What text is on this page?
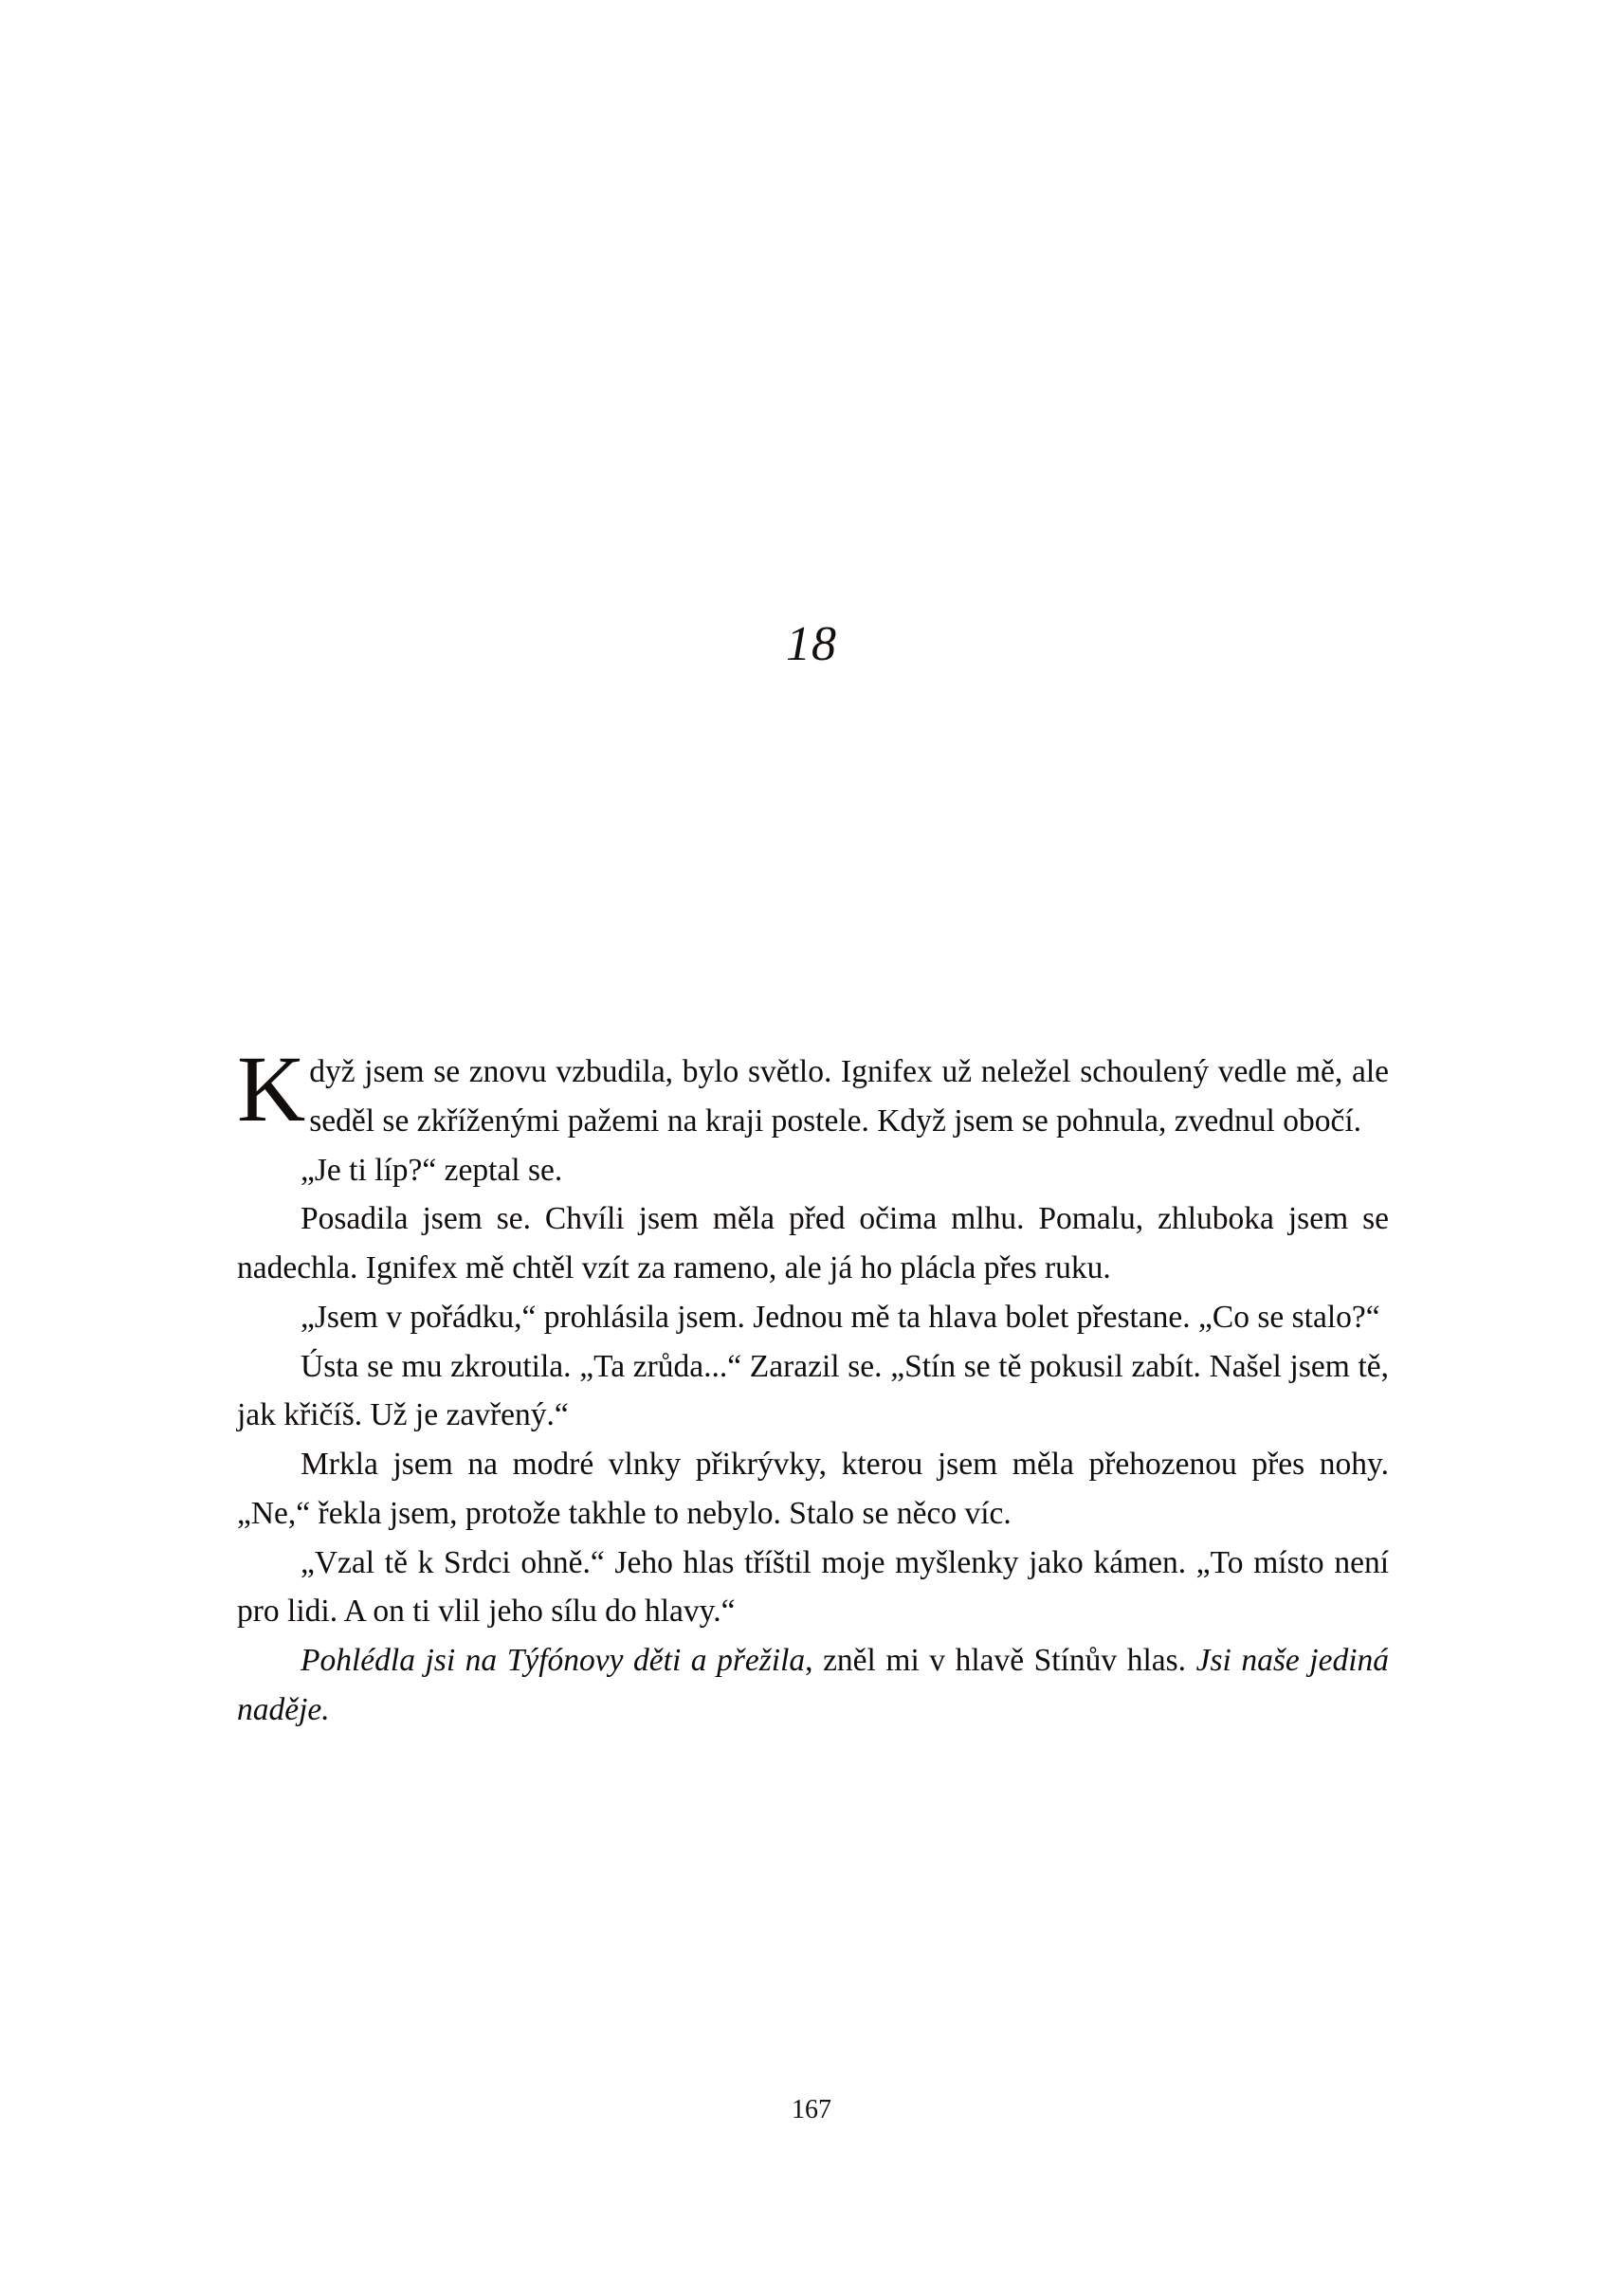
18

Když jsem se znovu vzbudila, bylo světlo. Ignifex už neležel schoulený vedle mě, ale seděl se zkříženými pažemi na kraji postele. Když jsem se pohnula, zvednul obočí.

„Je ti líp?“ zeptal se.

Posadila jsem se. Chvíli jsem měla před očima mlhu. Pomalu, zhluboka jsem se nadechla. Ignifex mě chtěl vzít za rameno, ale já ho plácla přes ruku.

„Jsem v pořádku,“ prohlásila jsem. Jednou mě ta hlava bolet přestane. „Co se stalo?“

Ústa se mu zkroutila. „Ta zrůda...“ Zarazil se. „Stín se tě pokusil zabít. Našel jsem tě, jak křičíš. Už je zavřený.“

Mrkla jsem na modré vlnky přikrývky, kterou jsem měla přehozenou přes nohy. „Ne,“ řekla jsem, protože takhle to nebylo. Stalo se něco víc.

„Vzal tě k Srdci ohně.“ Jeho hlas tříštil moje myšlenky jako kámen. „To místo není pro lidi. A on ti vlil jeho sílu do hlavy.“

Pohlédla jsi na Týfónovy děti a přežila, zněl mi v hlavě Stínův hlas. Jsi naše jediná naděje.

167
